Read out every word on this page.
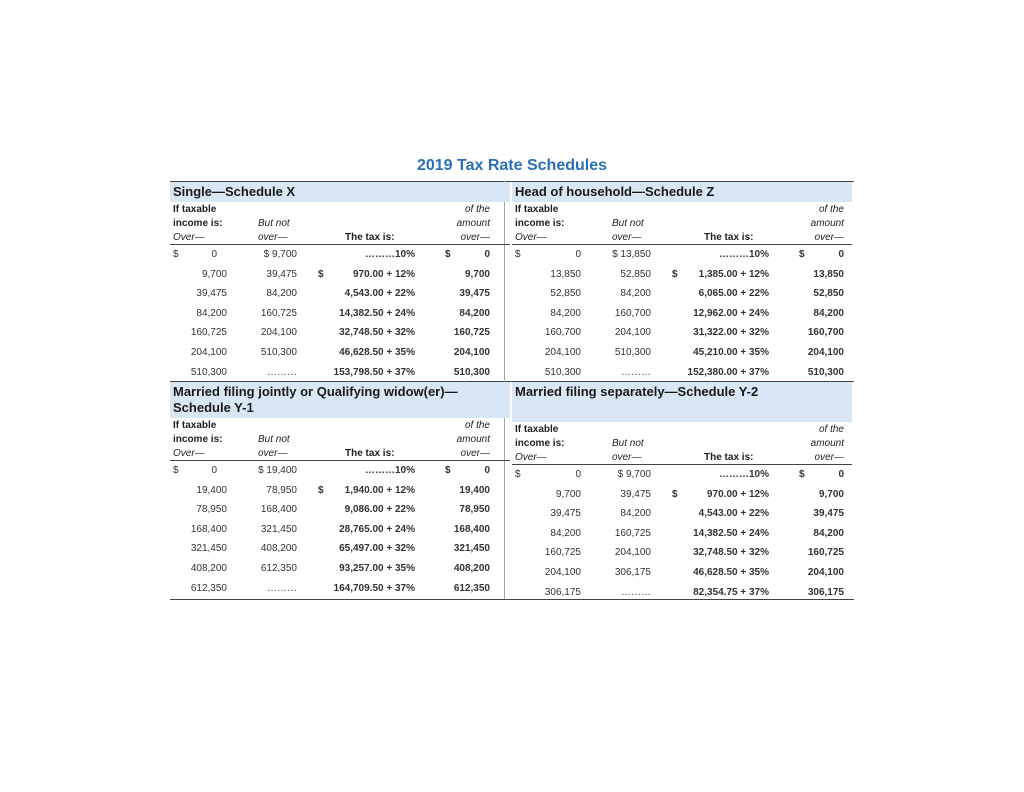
2019 Tax Rate Schedules
Single—Schedule X
If taxable
income is:
Over—
But not
over—	The tax is:
of the
amount
over—
$	0	$ 9,700	………10%	$	0
9,700	39,475 $	970.00 + 12%	9,700
39,475	84,200	4,543.00 + 22%	39,475
84,200	160,725	14,382.50 + 24%	84,200
160,725	204,100	32,748.50 + 32%	160,725
204,100	510,300	46,628.50 + 35%	204,100
510,300	………	153,798.50 + 37%	510,300
Head of household—Schedule Z
If taxable
income is:
Over—
But not
over—	The tax is:
of the
amount
over—
$	0	$ 13,850	………10%	$	0
13,850	52,850 $	1,385.00 + 12%	13,850
52,850	84,200	6,065.00 + 22%	52,850
84,200	160,700	12,962.00 + 24%	84,200
160,700	204,100	31,322.00 + 32%	160,700
204,100	510,300	45,210.00 + 35%	204,100
510,300	………	152,380.00 + 37%	510,300
Married filing jointly or Qualifying widow(er)—
Schedule Y-1
If taxable
income is:
Over—
But not
over—	The tax is:
of the
amount
over—
$	0	$ 19,400	………10%	$	0
19,400	78,950 $	1,940.00 + 12%	19,400
78,950	168,400	9,086.00 + 22%	78,950
168,400	321,450	28,765.00 + 24%	168,400
321,450	408,200	65,497.00 + 32%	321,450
408,200	612,350	93,257.00 + 35%	408,200
612,350	………	164,709.50 + 37%	612,350
Married filing separately—Schedule Y-2
If taxable
income is:
Over—
But not
over—	The tax is:
of the
amount
over—
$	0	$ 9,700	………10%	$	0
9,700	39,475 $	970.00 + 12%	9,700
39,475	84,200	4,543.00 + 22%	39,475
84,200	160,725	14,382.50 + 24%	84,200
160,725	204,100	32,748.50 + 32%	160,725
204,100	306,175	46,628.50 + 35%	204,100
306,175	………	82,354.75 + 37%	306,175
